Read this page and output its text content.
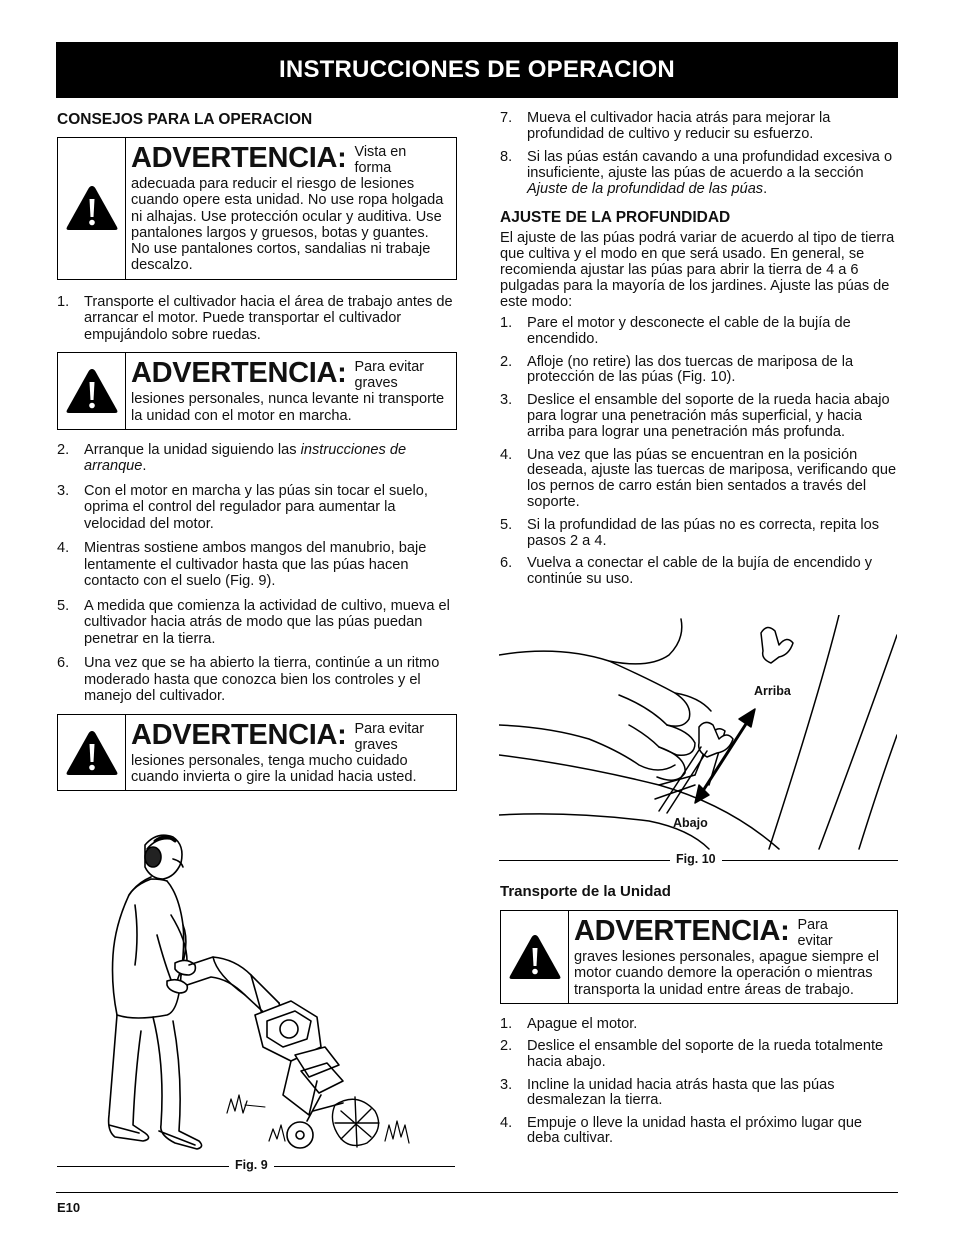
INSTRUCCIONES DE OPERACION
CONSEJOS PARA LA OPERACION
ADVERTENCIA: Vista en forma
adecuada para reducir el riesgo de lesiones cuando opere esta unidad. No use ropa holgada ni alhajas. Use protección ocular y auditiva. Use pantalones largos y gruesos, botas y guantes. No use pantalones cortos, sandalias ni trabaje descalzo.
1.	Transporte el cultivador hacia el área de trabajo antes de arrancar el motor. Puede transportar el cultivador empujándolo sobre ruedas.
ADVERTENCIA: Para evitar graves
lesiones personales, nunca levante ni transporte la unidad con el motor en marcha.
2.	Arranque la unidad siguiendo las instrucciones de arranque.
3.	Con el motor en marcha y las púas sin tocar el suelo, oprima el control del regulador para aumentar la velocidad del motor.
4.	Mientras sostiene ambos mangos del manubrio, baje lentamente el cultivador hasta que las púas hacen contacto con el suelo (Fig. 9).
5.	A medida que comienza la actividad de cultivo, mueva el cultivador hacia atrás de modo que las púas puedan penetrar en la tierra.
6.	Una vez que se ha abierto la tierra, continúe a un ritmo moderado hasta que conozca bien los controles y el manejo del cultivador.
ADVERTENCIA: Para evitar graves
lesiones personales, tenga mucho cuidado cuando invierta o gire la unidad hacia usted.
Fig. 9
7.	Mueva el cultivador hacia atrás para mejorar la profundidad de cultivo y reducir su esfuerzo.
8.	Si las púas están cavando a una profundidad excesiva o insuficiente, ajuste las púas de acuerdo a la sección Ajuste de la profundidad de las púas.
AJUSTE DE LA PROFUNDIDAD

El ajuste de las púas podrá variar de acuerdo al tipo de tierra que cultiva y el modo en que será usado. En general, se recomienda ajustar las púas para abrir la tierra de 4 a 6 pulgadas para la mayoría de los jardines. Ajuste las púas de este modo:

1.	Pare el motor y desconecte el cable de la bujía de encendido.
2.	Afloje (no retire) las dos tuercas de mariposa de la protección de las púas (Fig. 10).
3.	Deslice el ensamble del soporte de la rueda hacia abajo para lograr una penetración más superficial, y hacia arriba para lograr una penetración más profunda.
4.	Una vez que las púas se encuentran en la posición deseada, ajuste las tuercas de mariposa, verificando que los pernos de carro están bien sentados a través del soporte.
5.	Si la profundidad de las púas no es correcta, repita los pasos 2 a 4.
6.	Vuelva a conectar el cable de la bujía de encendido y continúe su uso.
Arriba
Abajo
Fig. 10
Transporte de la Unidad
ADVERTENCIA: Para evitar
graves lesiones personales, apague siempre el motor cuando demore la operación o mientras transporta la unidad entre áreas de trabajo.
1.	Apague el motor.
2.	Deslice el ensamble del soporte de la rueda totalmente hacia abajo.
3.	Incline la unidad hacia atrás hasta que las púas desmalezan la tierra.
4.	Empuje o lleve la unidad hasta el próximo lugar que deba cultivar.
E10
